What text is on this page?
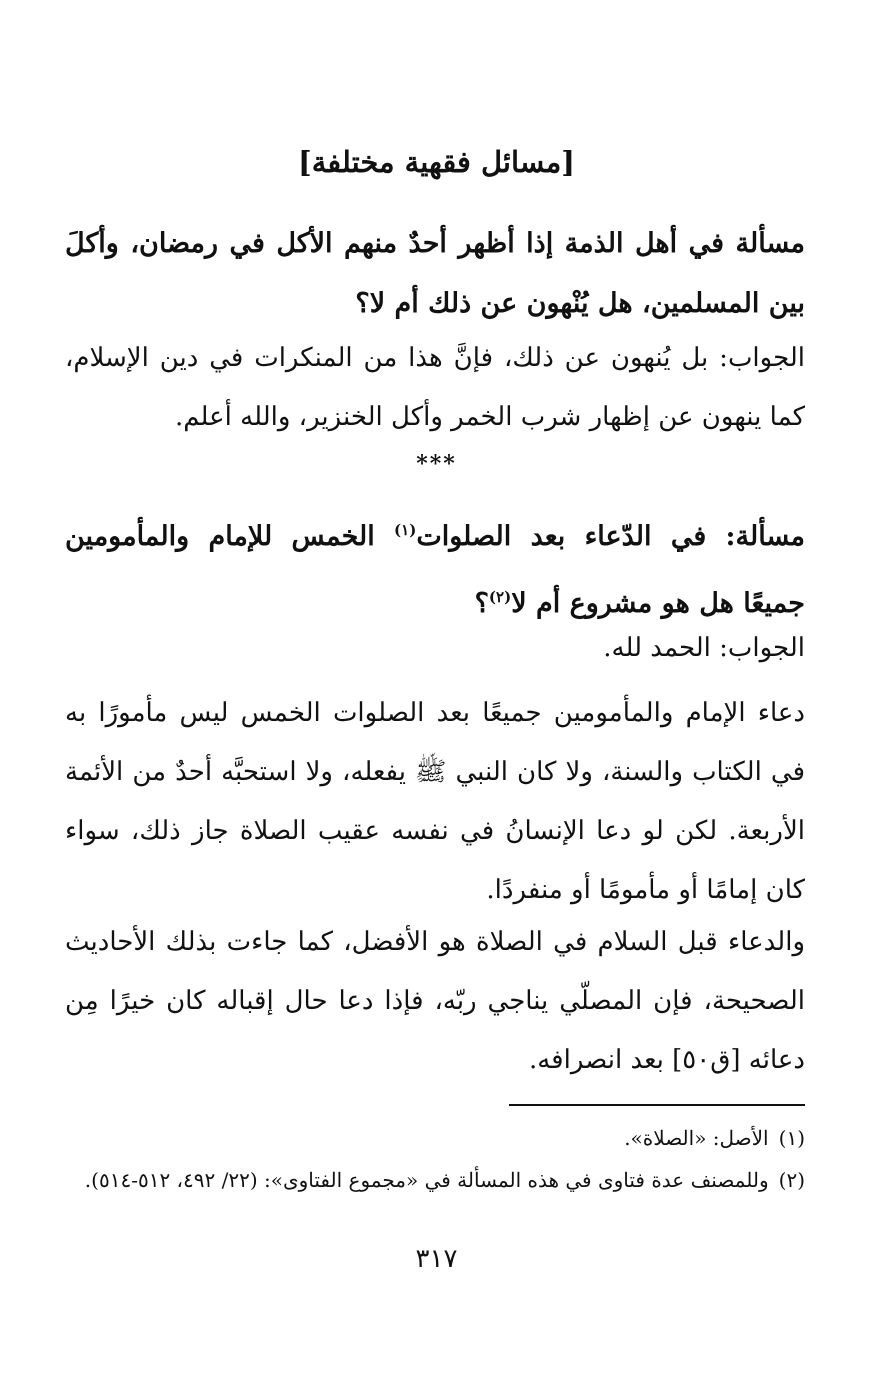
[مسائل فقهية مختلفة]

مسألة في أهل الذمة إذا أظهر أحدٌ منهم الأكل في رمضان، وأكلَ بين المسلمين، هل يُنْهون عن ذلك أم لا؟

الجواب: بل يُنهون عن ذلك، فإنَّ هذا من المنكرات في دين الإسلام، كما ينهون عن إظهار شرب الخمر وأكل الخنزير، والله أعلم.

***

مسألة: في الدّعاء بعد الصلوات$^{(١)}$ الخمس للإمام والمأمومين جميعًا هل هو مشروع أم لا$^{(٢)}$؟

الجواب: الحمد لله.

دعاء الإمام والمأمومين جميعًا بعد الصلوات الخمس ليس مأمورًا به في الكتاب والسنة، ولا كان النبي ﷺ يفعله، ولا استحبَّه أحدٌ من الأئمة الأربعة. لكن لو دعا الإنسانُ في نفسه عقيب الصلاة جاز ذلك، سواء كان إمامًا أو مأمومًا أو منفردًا.

والدعاء قبل السلام في الصلاة هو الأفضل، كما جاءت بذلك الأحاديث الصحيحة، فإن المصلّي يناجي ربّه، فإذا دعا حال إقباله كان خيرًا مِن دعائه [ق٥٠] بعد انصرافه.

(١)الأصل: «الصلاة».

(٢)وللمصنف عدة فتاوى في هذه المسألة في «مجموع الفتاوى»: (٢٢/ ٤٩٢، ٥١٢-٥١٤).

٣١٧
